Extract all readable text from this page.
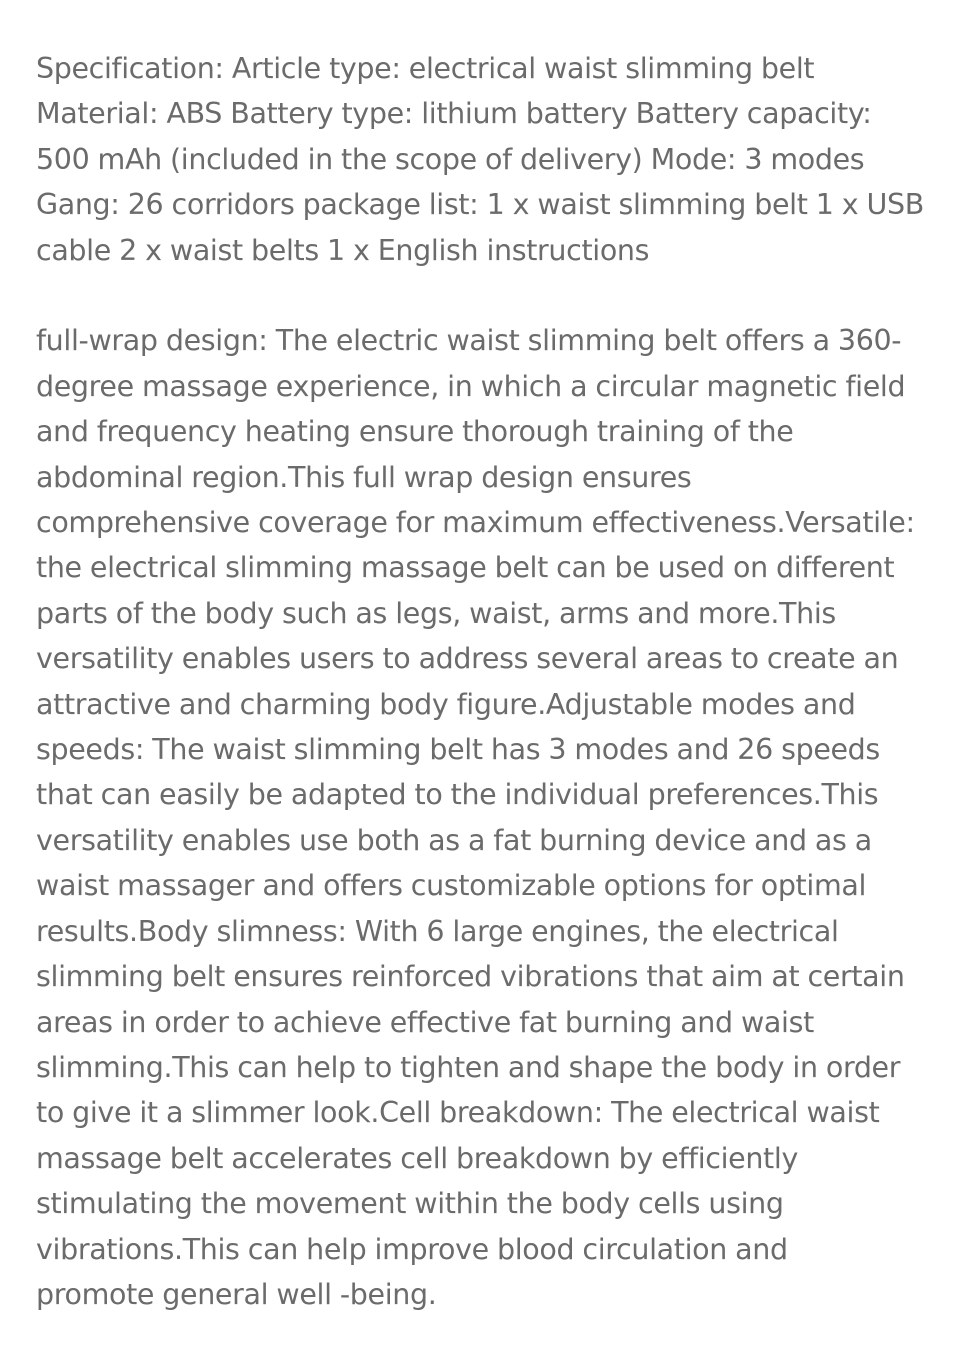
Specification: Article type: electrical waist slimming belt
Material: ABS Battery type: lithium battery Battery capacity:
500 mAh (included in the scope of delivery) Mode: 3 modes
Gang: 26 corridors package list: 1 x waist slimming belt 1 x USB
cable 2 x waist belts 1 x English instructions

full-wrap design: The electric waist slimming belt offers a 360-
degree massage experience, in which a circular magnetic field
and frequency heating ensure thorough training of the
abdominal region.This full wrap design ensures
comprehensive coverage for maximum effectiveness.Versatile:
the electrical slimming massage belt can be used on different
parts of the body such as legs, waist, arms and more.This
versatility enables users to address several areas to create an
attractive and charming body figure.Adjustable modes and
speeds: The waist slimming belt has 3 modes and 26 speeds
that can easily be adapted to the individual preferences.This
versatility enables use both as a fat burning device and as a
waist massager and offers customizable options for optimal
results.Body slimness: With 6 large engines, the electrical
slimming belt ensures reinforced vibrations that aim at certain
areas in order to achieve effective fat burning and waist
slimming.This can help to tighten and shape the body in order
to give it a slimmer look.Cell breakdown: The electrical waist
massage belt accelerates cell breakdown by efficiently
stimulating the movement within the body cells using
vibrations.This can help improve blood circulation and
promote general well -being.
